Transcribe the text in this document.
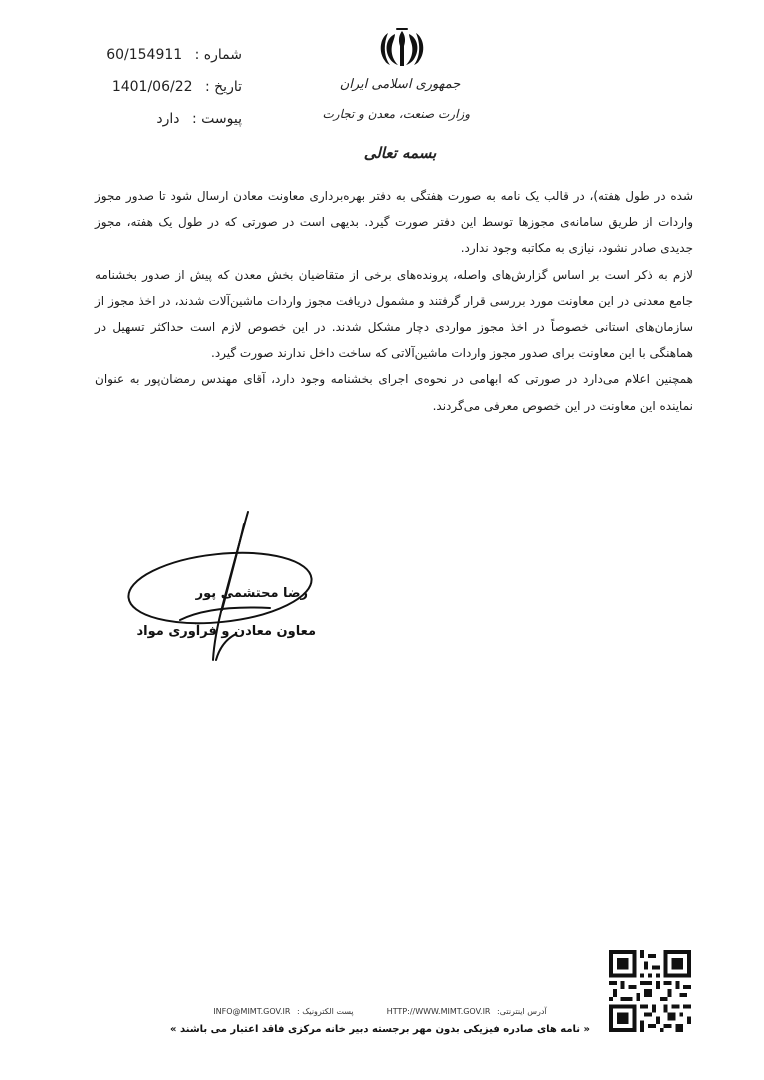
شماره : 60/154911
تاریخ : 1401/06/22
پیوست : دارد
جمهوری اسلامی ایران
وزارت صنعت، معدن و تجارت
بسمه تعالی

شده در طول هفته)، در قالب یک نامه به صورت هفتگی به دفتر بهره‌برداری معاونت معادن ارسال شود تا صدور مجوز واردات از طریق سامانه‌ی مجوزها توسط این دفتر صورت گیرد. بدیهی است در صورتی که در طول یک هفته، مجوز جدیدی صادر نشود، نیازی به مکاتبه وجود ندارد.

لازم به ذکر است بر اساس گزارش‌های واصله، پرونده‌های برخی از متقاضیان بخش معدن که پیش از صدور بخشنامه جامع معدنی در این معاونت مورد بررسی قرار گرفتند و مشمول دریافت مجوز واردات ماشین‌آلات شدند، در اخذ مجوز از سازمان‌های استانی خصوصاً در اخذ مجوز مواردی دچار مشکل شدند. در این خصوص لازم است حداکثر تسهیل در هماهنگی با این معاونت برای صدور مجوز واردات ماشین‌آلاتی که ساخت داخل ندارند صورت گیرد.

همچنین اعلام می‌دارد در صورتی که ابهامی در نحوه‌ی اجرای بخشنامه وجود دارد، آقای مهندس رمضان‌پور به عنوان نماینده این معاونت در این خصوص معرفی می‌گردند.

رضا محتشمی پور
معاون معادن و فرآوری مواد
INFO@MIMT.GOV.IR پست الکترونیک :	HTTP://WWW.MIMT.GOV.IR آدرس اینترنتی:
« نامه های صادره فیزیکی بدون مهر برجسته دبیر خانه مرکزی فاقد اعتبار می باشند »
